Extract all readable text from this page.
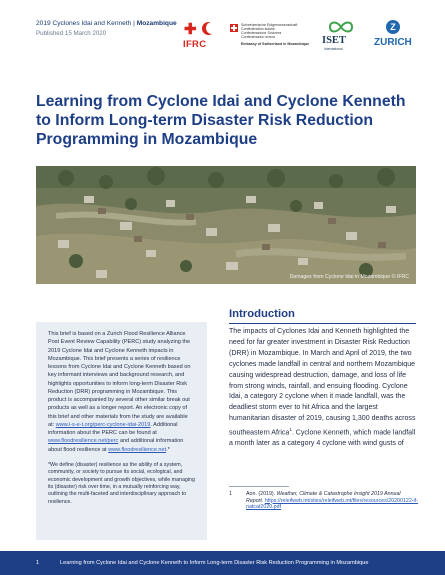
2019 Cyclones Idai and Kenneth | Mozambique
Published 15 March 2020	✚
IFRC
Schweizerische Eidgenossenschaft
Confédération suisse
Confederazione Svizzera
Confederaziun svizra
Embassy of Switzerland in Mozambique ISET
International
Z
ZURICH
Learning from Cyclone Idai and Cyclone Kenneth to Inform Long-term Disaster Risk Reduction Programming in Mozambique
Damages from Cyclone Idai in Mozambique © IFRC

This brief is based on a Zurich Flood Resilience Alliance Post Event Review Capability (PERC) study analyzing the 2019 Cyclone Idai and Cyclone Kenneth impacts in Mozambique. This brief presents a series of resilience lessons from Cyclone Idai and Cyclone Kenneth based on key informant interviews and background research, and highlights opportunities to inform long-term Disaster Risk Reduction (DRR) programming in Mozambique. This product is accompanied by several other similar break out products as well as a longer report. An electronic copy of this brief and other materials from the study are available at: www.i-s-e-t.org/perc-cyclone-idai-2019. Additional information about the PERC can be found at www.floodresilience.net/perc and additional information about flood resilience at www.floodresilience.net.*

*We define (disaster) resilience as the ability of a system, community, or society to pursue its social, ecological, and economic development and growth objectives, while managing its (disaster) risk over time, in a mutually reinforcing way, outlining the multi-faceted and interdisciplinary approach to resilience.

Introduction

The impacts of Cyclones Idai and Kenneth highlighted the need for far greater investment in Disaster Risk Reduction (DRR) in Mozambique. In March and April of 2019, the two cyclones made landfall in central and northern Mozambique causing widespread destruction, damage, and loss of life from strong winds, rainfall, and ensuing flooding. Cyclone Idai, a category 2 cyclone when it made landfall, was the deadliest storm ever to hit Africa and the largest humanitarian disaster of 2019, causing 1,300 deaths across southeastern Africa$^1$. Cyclone Kenneth, which made landfall a month later as a category 4 cyclone with wind gusts of

1	Aon. (2019). Weather, Climate & Catastrophe Insight 2019 Annual Report. https://releifweb.int/sites/releifweb.int/files/resources/20200122-if-natcat2020.pdf
1	Learning from Cyclone Idai and Cyclone Kenneth to Inform Long-term Disaster Risk Reduction Programming in Mozambique
